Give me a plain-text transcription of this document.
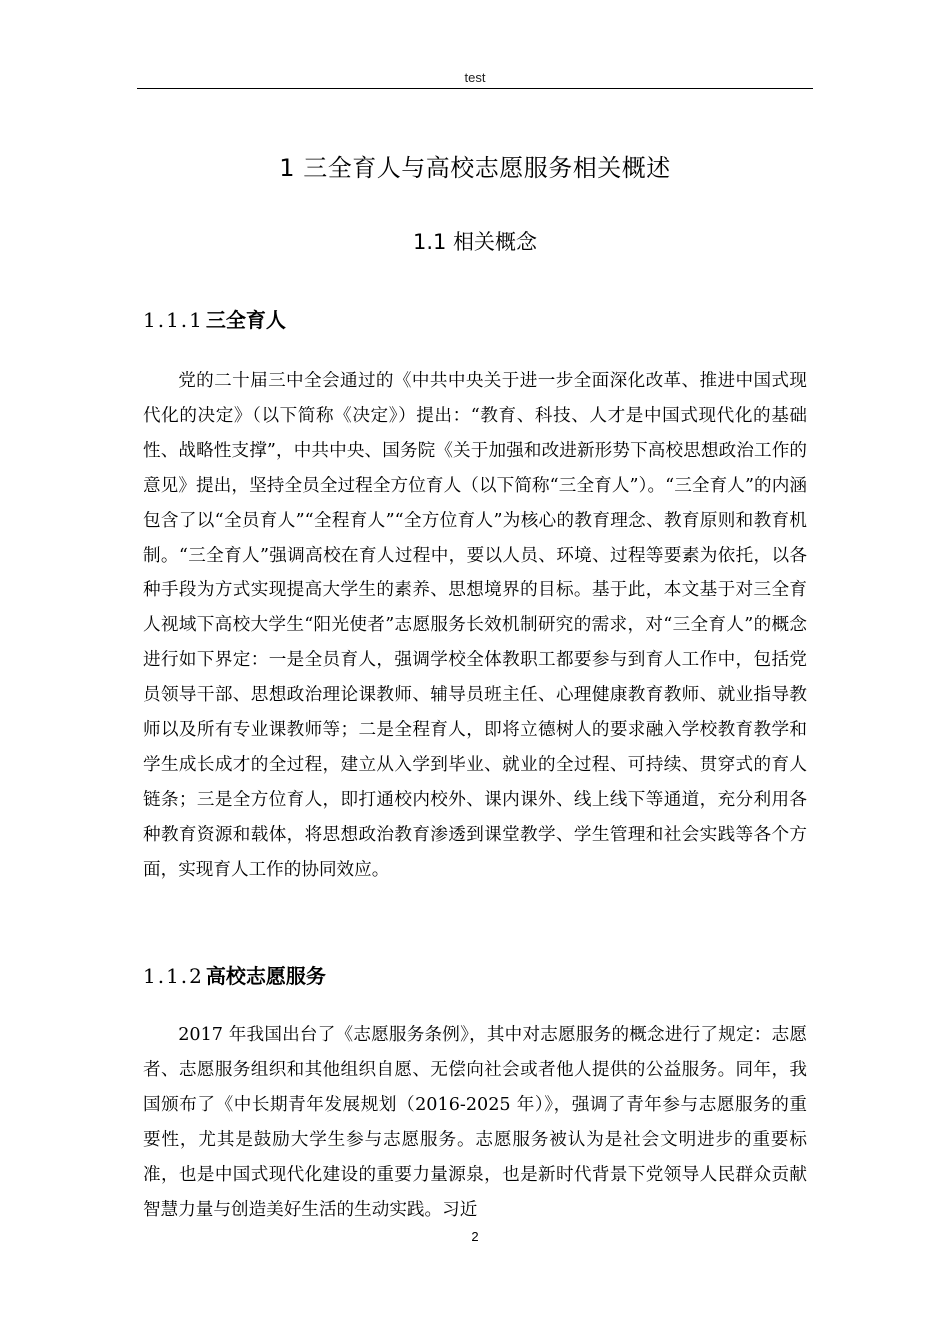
test
1 三全育人与高校志愿服务相关概述
1.1 相关概念
1.1.1 三全育人

党的二十届三中全会通过的《中共中央关于进一步全面深化改革、推进中国式现代化的决定》（以下简称《决定》）提出：“教育、科技、人才是中国式现代化的基础性、战略性支撑”，中共中央、国务院《关于加强和改进新形势下高校思想政治工作的意见》提出，坚持全员全过程全方位育人（以下简称“三全育人”）。“三全育人”的内涵包含了以“全员育人”“全程育人”“全方位育人”为核心的教育理念、教育原则和教育机制。“三全育人”强调高校在育人过程中，要以人员、环境、过程等要素为依托，以各种手段为方式实现提高大学生的素养、思想境界的目标。基于此，本文基于对三全育人视域下高校大学生“阳光使者”志愿服务长效机制研究的需求，对“三全育人”的概念进行如下界定：一是全员育人，强调学校全体教职工都要参与到育人工作中，包括党员领导干部、思想政治理论课教师、辅导员班主任、心理健康教育教师、就业指导教师以及所有专业课教师等；二是全程育人，即将立德树人的要求融入学校教育教学和学生成长成才的全过程，建立从入学到毕业、就业的全过程、可持续、贯穿式的育人链条；三是全方位育人，即打通校内校外、课内课外、线上线下等通道，充分利用各种教育资源和载体，将思想政治教育渗透到课堂教学、学生管理和社会实践等各个方面，实现育人工作的协同效应。

1.1.2 高校志愿服务

2017 年我国出台了《志愿服务条例》，其中对志愿服务的概念进行了规定：志愿者、志愿服务组织和其他组织自愿、无偿向社会或者他人提供的公益服务。同年，我国颁布了《中长期青年发展规划（2016-2025 年）》，强调了青年参与志愿服务的重要性，尤其是鼓励大学生参与志愿服务。志愿服务被认为是社会文明进步的重要标准，也是中国式现代化建设的重要力量源泉，也是新时代背景下党领导人民群众贡献智慧力量与创造美好生活的生动实践。习近

2
